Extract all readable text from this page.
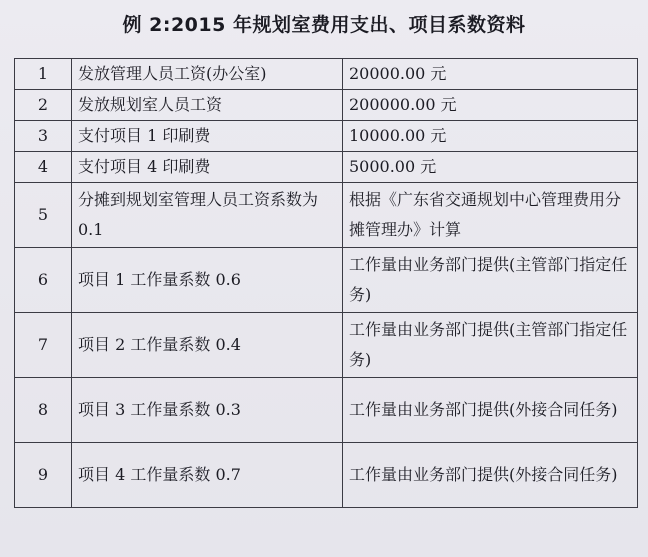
例 2:2015 年规划室费用支出、项目系数资料
1	发放管理人员工资(办公室)	20000.00 元
2	发放规划室人员工资	200000.00 元
3	支付项目 1 印刷费	10000.00 元
4	支付项目 4 印刷费	5000.00 元
5	分摊到规划室管理人员工资系数为 0.1	根据《广东省交通规划中心管理费用分摊管理办》计算
6	项目 1 工作量系数 0.6	工作量由业务部门提供(主管部门指定任务)
7	项目 2 工作量系数 0.4	工作量由业务部门提供(主管部门指定任务)
8	项目 3 工作量系数 0.3	工作量由业务部门提供(外接合同任务)
9	项目 4 工作量系数 0.7	工作量由业务部门提供(外接合同任务)
